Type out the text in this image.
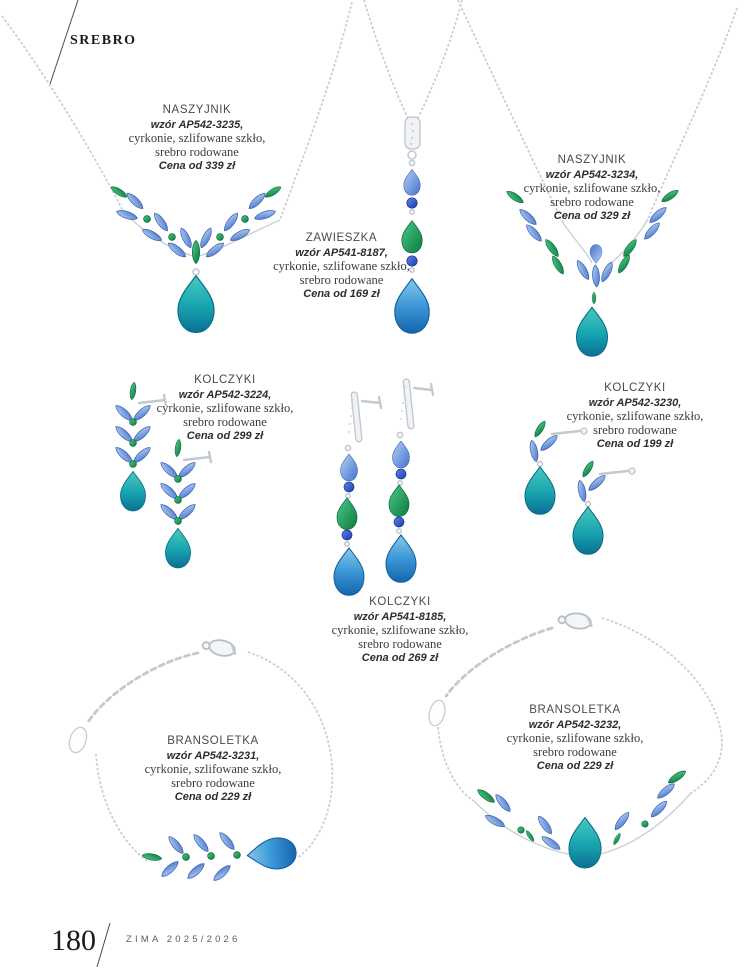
SREBRO
NASZYJNIK
wzór AP542-3235,
cyrkonie, szlifowane szkło,
srebro rodowane
Cena od 339 zł
ZAWIESZKA
wzór AP541-8187,
cyrkonie, szlifowane szkło,
srebro rodowane
Cena od 169 zł
NASZYJNIK
wzór AP542-3234,
cyrkonie, szlifowane szkło,
srebro rodowane
Cena od 329 zł
KOLCZYKI
wzór AP542-3224,
cyrkonie, szlifowane szkło,
srebro rodowane
Cena od 299 zł
KOLCZYKI
wzór AP542-3230,
cyrkonie, szlifowane szkło,
srebro rodowane
Cena od 199 zł
KOLCZYKI
wzór AP541-8185,
cyrkonie, szlifowane szkło,
srebro rodowane
Cena od 269 zł
BRANSOLETKA
wzór AP542-3231,
cyrkonie, szlifowane szkło,
srebro rodowane
Cena od 229 zł
BRANSOLETKA
wzór AP542-3232,
cyrkonie, szlifowane szkło,
srebro rodowane
Cena od 229 zł
180	ZIMA 2025/2026
